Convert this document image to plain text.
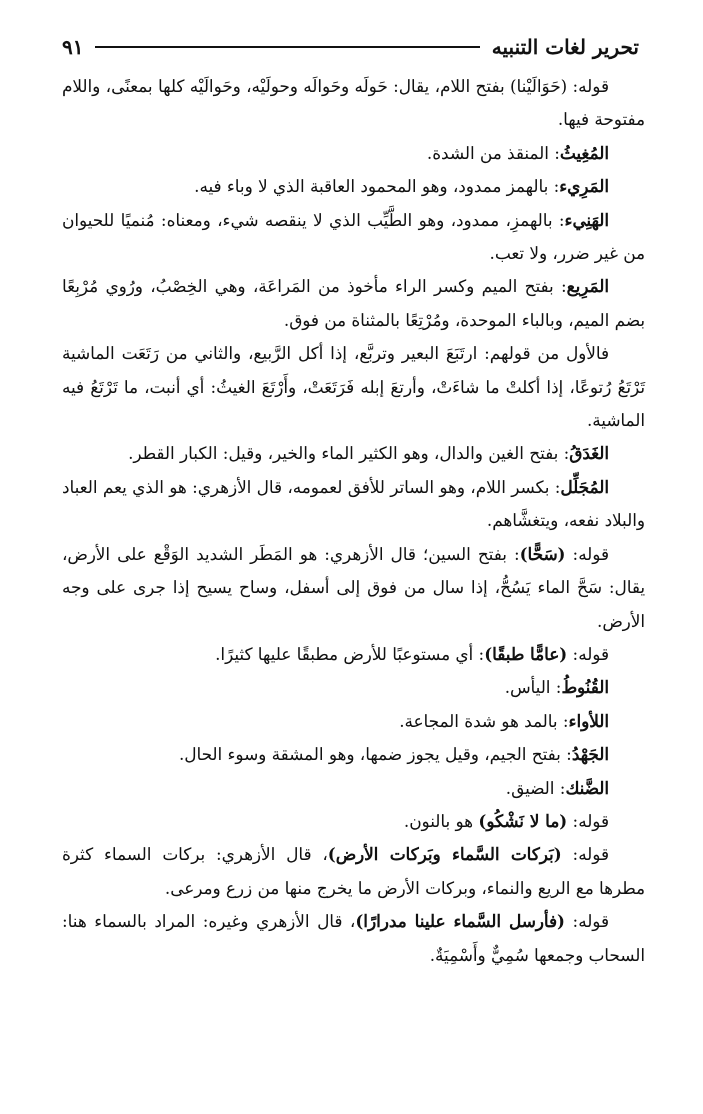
تحرير لغات التنبيه
٩١

قوله: (حَوَالَيْنا) بفتح اللام، يقال: حَولَه وحَوالَه وحولَيْه، وحَوالَيْه كلها بمعنًى، واللام مفتوحة فيها.

المُغِيثُ: المنقذ من الشدة.

المَرِيء: بالهمز ممدود، وهو المحمود العاقبة الذي لا وباء فيه.

الهَنِيء: بالهمزِ، ممدود، وهو الطَّيِّب الذي لا ينقصه شيء، ومعناه: مُنميًا للحيوان من غير ضرر، ولا تعب.

المَرِيع: بفتح الميم وكسر الراء مأخوذ من المَراعَة، وهي الخِصْبُ، ورُوي مُرْبِعًا بضم الميم، وبالباء الموحدة، ومُرْتِعًا بالمثناة من فوق.

فالأول من قولهم: ارتَبَعَ البعير وتربَّع، إذا أكل الرَّبيع، والثاني من رَتَعَت الماشية تَرْتَعُ رُتوعًا، إذا أكلتْ ما شاءَتْ، وأرتعَ إبله فَرَتَعَتْ، وأَرْتَعَ الغيثُ: أي أنبت، ما تَرْتَعُ فيه الماشية.

الغَدَقُ: بفتح الغين والدال، وهو الكثير الماء والخير، وقيل: الكبار القطر.

المُجَلِّل: بكسر اللام، وهو الساتر للأفق لعمومه، قال الأزهري: هو الذي يعم العباد والبلاد نفعه، ويتغشَّاهم.

قوله: (سَحًّا): بفتح السين؛ قال الأزهري: هو المَطَر الشديد الوَقْع على الأرض، يقال: سَحَّ الماء يَسُحُّ، إذا سال من فوق إلى أسفل، وساح يسيح إذا جرى على وجه الأرض.

قوله: (عامًّا طبقًا): أي مستوعبًا للأرض مطبقًا عليها كثيرًا.

القُنُوطُ: اليأس.

اللأواء: بالمد هو شدة المجاعة.

الجَهْدُ: بفتح الجيم، وقيل يجوز ضمها، وهو المشقة وسوء الحال.

الضَّنك: الضيق.

قوله: (ما لا نَشْكُو) هو بالنون.

قوله: (بَركات السَّماء وبَركات الأرض)، قال الأزهري: بركات السماء كثرة مطرها مع الريع والنماء، وبركات الأرض ما يخرج منها من زرع ومرعى.

قوله: (فأرسل السَّماء علينا مدرارًا)، قال الأزهري وغيره: المراد بالسماء هنا: السحاب وجمعها سُمِيٌّ وأَسْمِيَةٌ.
